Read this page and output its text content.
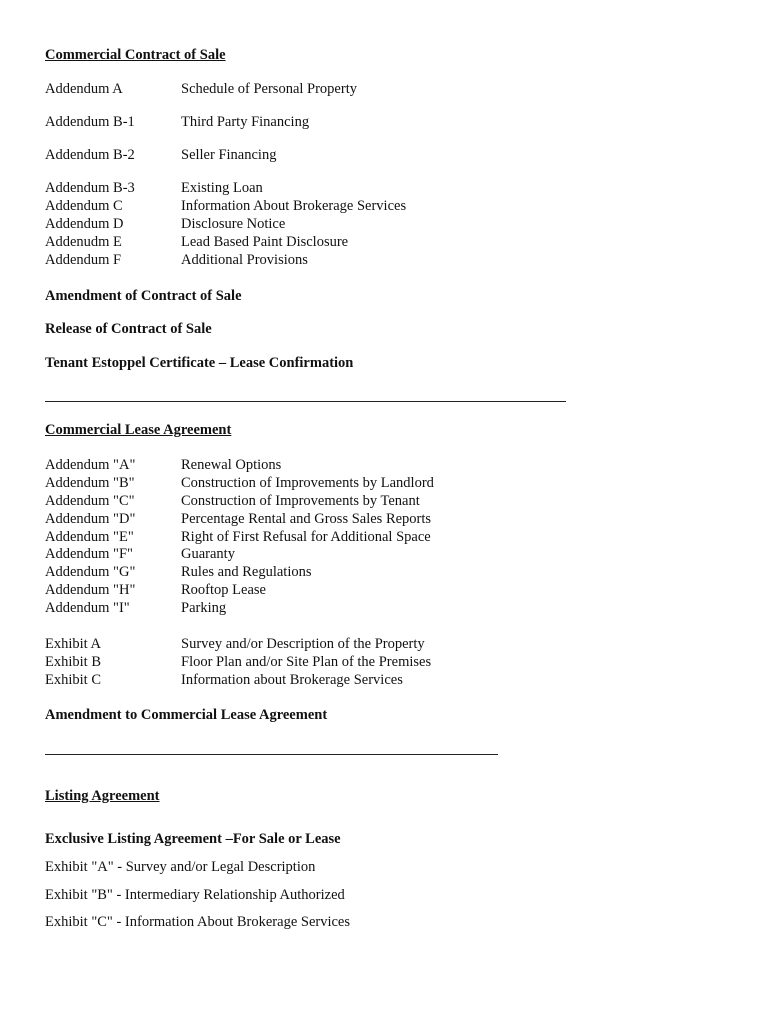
Commercial Contract of Sale
Addendum A	Schedule of Personal Property
Addendum B-1	Third Party Financing
Addendum B-2	Seller Financing
Addendum B-3	Existing Loan
Addendum C	Information About Brokerage Services
Addendum D	Disclosure Notice
Addenudm E	Lead Based Paint Disclosure
Addendum F	Additional Provisions
Amendment of Contract of Sale
Release of Contract of Sale
Tenant Estoppel Certificate – Lease Confirmation
Commercial Lease Agreement
Addendum "A"	Renewal Options
Addendum "B"	Construction of Improvements by Landlord
Addendum "C"	Construction of Improvements by Tenant
Addendum "D"	Percentage Rental and Gross Sales Reports
Addendum "E"	Right of First Refusal for Additional Space
Addendum "F"	Guaranty
Addendum "G"	Rules and Regulations
Addendum "H"	Rooftop Lease
Addendum "I"	Parking
Exhibit A	Survey and/or Description of the Property
Exhibit B	Floor Plan and/or Site Plan of the Premises
Exhibit C	Information about Brokerage Services
Amendment to Commercial Lease Agreement
Listing Agreement
Exclusive Listing Agreement –For Sale or Lease
Exhibit "A" - Survey and/or Legal Description
Exhibit "B" - Intermediary Relationship Authorized
Exhibit "C" - Information About Brokerage Services
